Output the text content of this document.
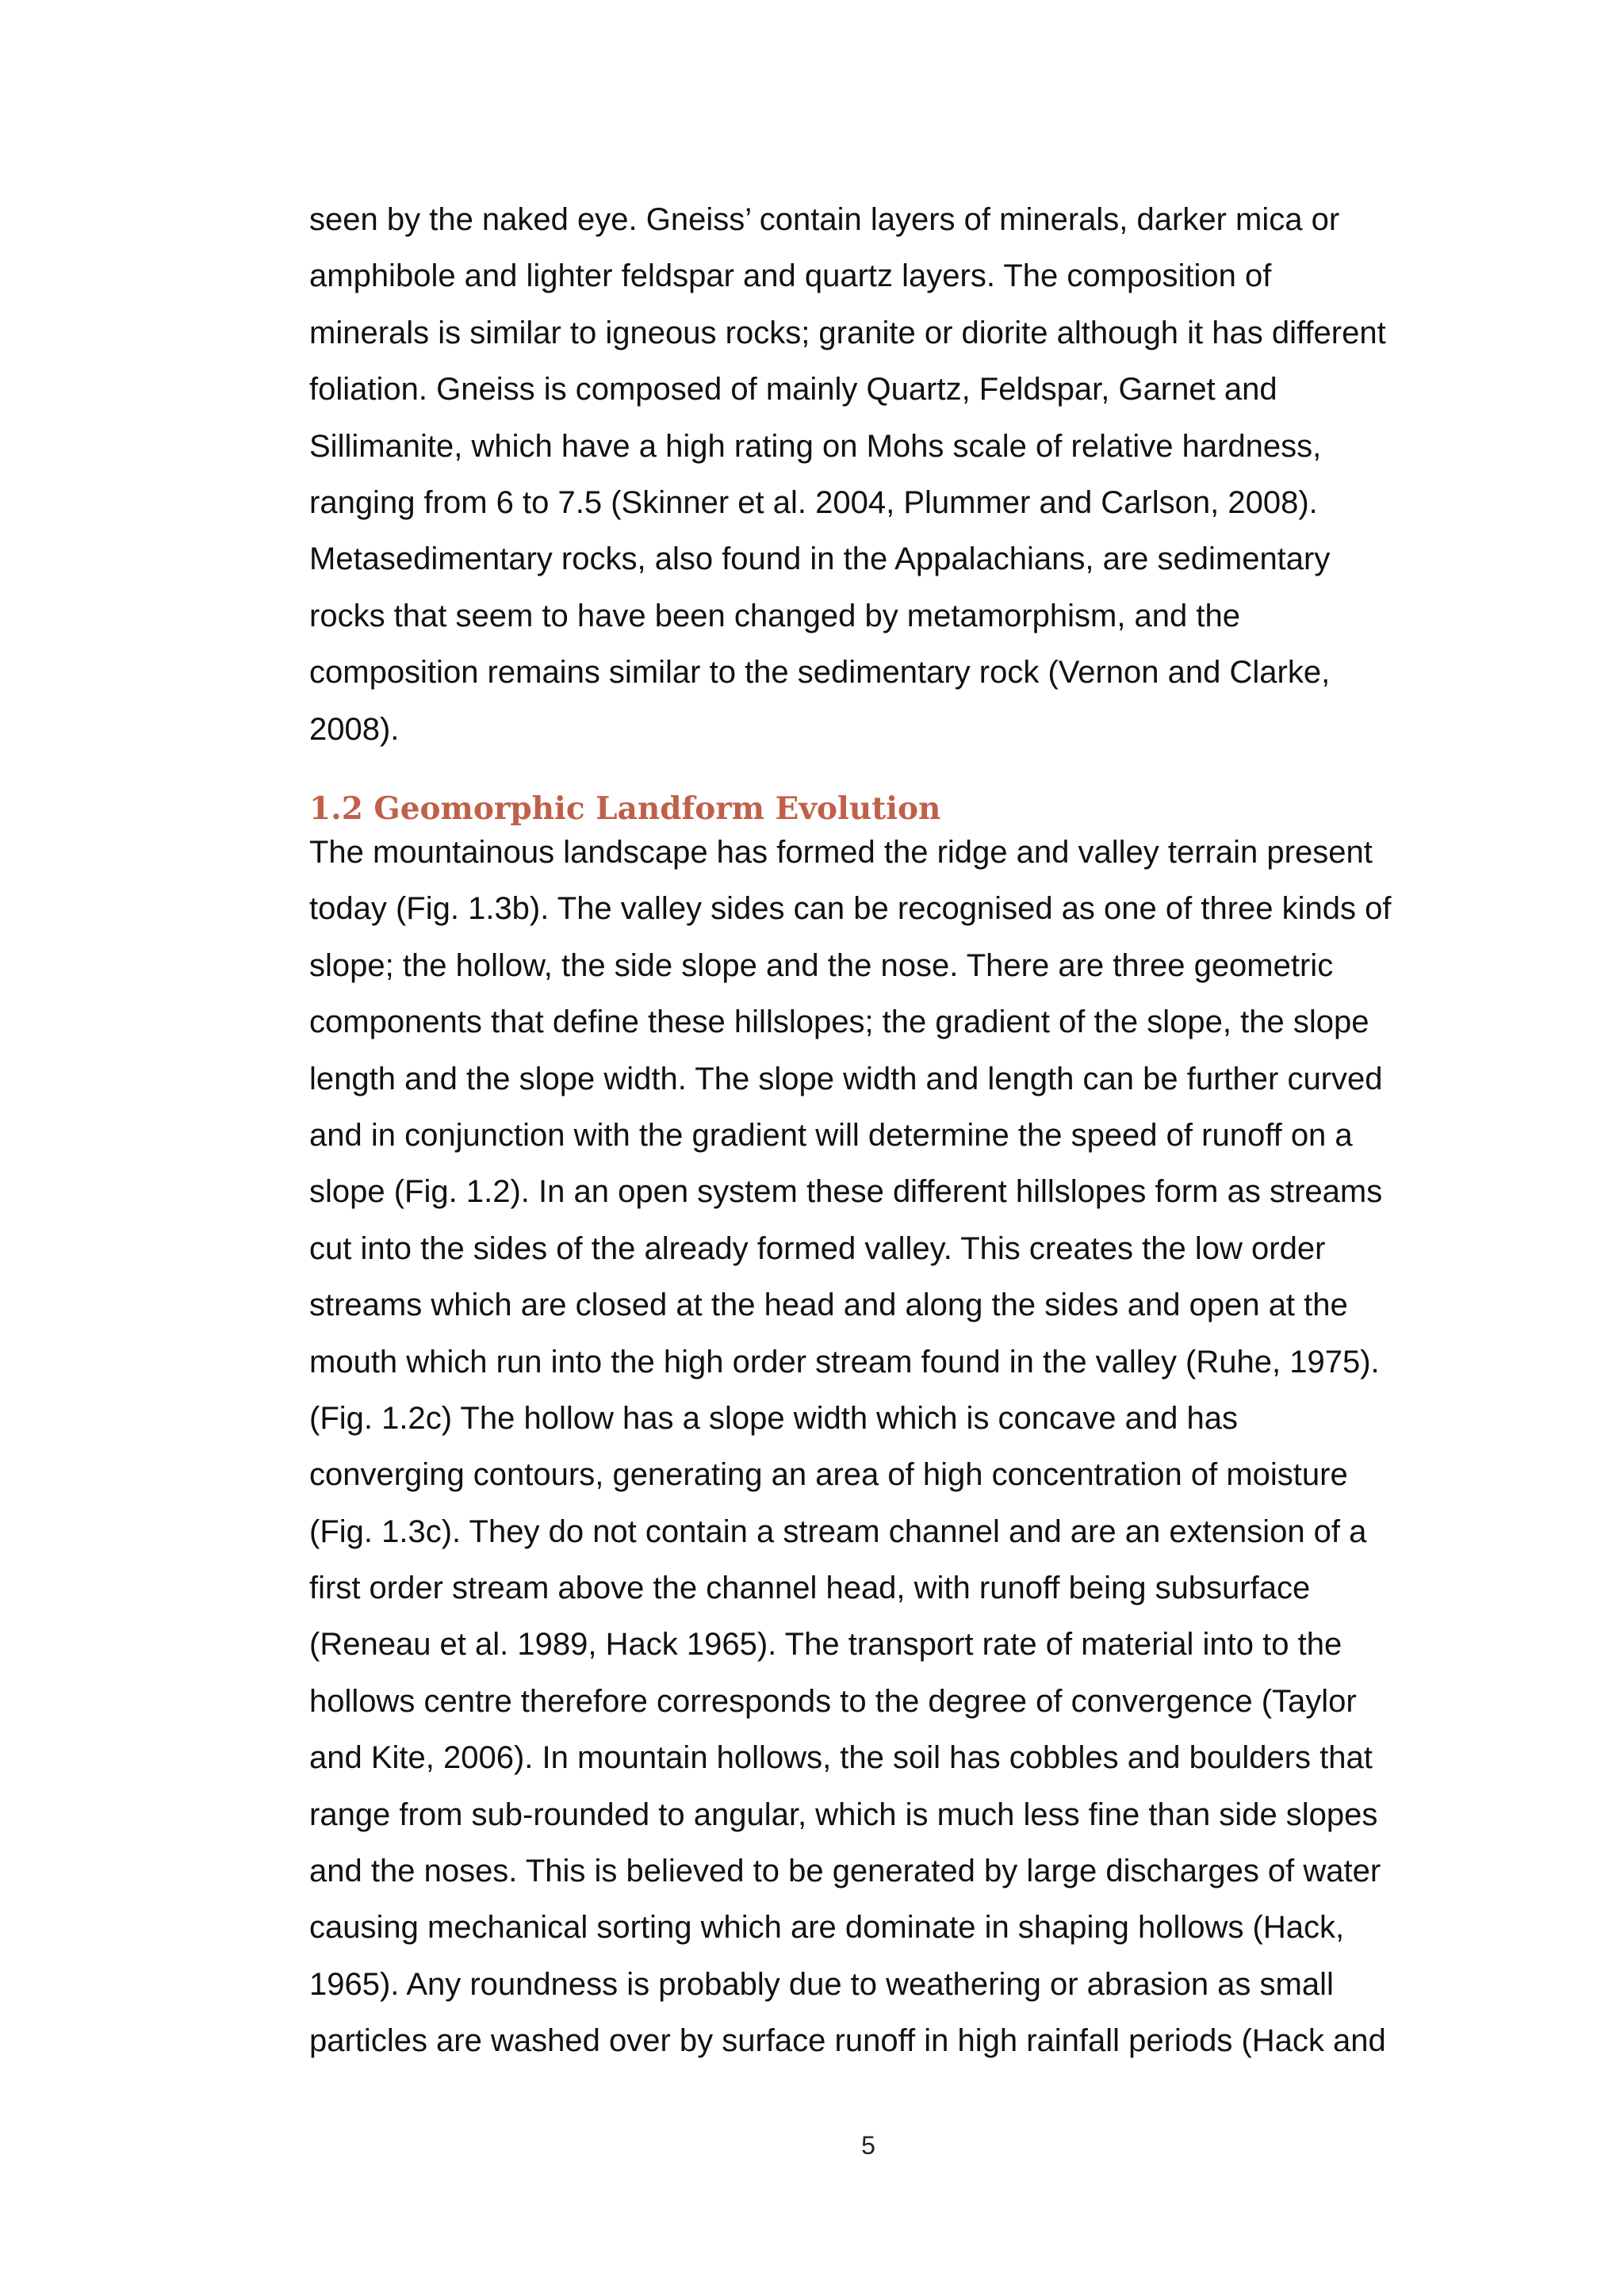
seen by the naked eye. Gneiss’ contain layers of minerals, darker mica or
amphibole and lighter feldspar and quartz layers. The composition of
minerals is similar to igneous rocks; granite or diorite although it has different
foliation. Gneiss is composed of mainly Quartz, Feldspar, Garnet and
Sillimanite, which have a high rating on Mohs scale of relative hardness,
ranging from 6 to 7.5 (Skinner et al. 2004, Plummer and Carlson, 2008).
Metasedimentary rocks, also found in the Appalachians, are sedimentary
rocks that seem to have been changed by metamorphism, and the
composition remains similar to the sedimentary rock (Vernon and Clarke,
2008).
1.2 Geomorphic Landform Evolution
The mountainous landscape has formed the ridge and valley terrain present
today (Fig. 1.3b). The valley sides can be recognised as one of three kinds of
slope; the hollow, the side slope and the nose. There are three geometric
components that define these hillslopes; the gradient of the slope, the slope
length and the slope width. The slope width and length can be further curved
and in conjunction with the gradient will determine the speed of runoff on a
slope (Fig. 1.2). In an open system these different hillslopes form as streams
cut into the sides of the already formed valley. This creates the low order
streams which are closed at the head and along the sides and open at the
mouth which run into the high order stream found in the valley (Ruhe, 1975).
(Fig. 1.2c) The hollow has a slope width which is concave and has
converging contours, generating an area of high concentration of moisture
(Fig. 1.3c). They do not contain a stream channel and are an extension of a
first order stream above the channel head, with runoff being subsurface
(Reneau et al. 1989, Hack 1965). The transport rate of material into to the
hollows centre therefore corresponds to the degree of convergence (Taylor
and Kite, 2006). In mountain hollows, the soil has cobbles and boulders that
range from sub-rounded to angular, which is much less fine than side slopes
and the noses. This is believed to be generated by large discharges of water
causing mechanical sorting which are dominate in shaping hollows (Hack,
1965). Any roundness is probably due to weathering or abrasion as small
particles are washed over by surface runoff in high rainfall periods (Hack and
5
